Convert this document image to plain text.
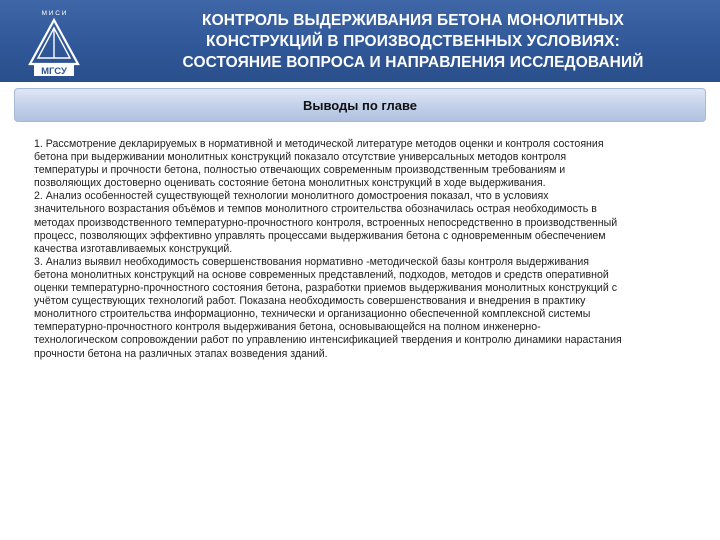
М И С И
МГСУ
КОНТРОЛЬ ВЫДЕРЖИВАНИЯ БЕТОНА МОНОЛИТНЫХ
КОНСТРУКЦИЙ В ПРОИЗВОДСТВЕННЫХ УСЛОВИЯХ:
СОСТОЯНИЕ ВОПРОСА И НАПРАВЛЕНИЯ ИССЛЕДОВАНИЙ
Выводы по главе
1. Рассмотрение декларируемых в нормативной и методической литературе методов оценки и контроля состояния
бетона при выдерживании монолитных конструкций показало отсутствие универсальных методов контроля
температуры и прочности бетона, полностью отвечающих современным производственным требованиям и
позволяющих достоверно оценивать состояние бетона монолитных конструкций в ходе выдерживания.
2. Анализ особенностей существующей технологии монолитного домостроения показал, что в условиях
значительного возрастания объёмов и темпов монолитного строительства обозначилась острая необходимость в
методах производственного температурно-прочностного контроля, встроенных непосредственно в производственный
процесс, позволяющих эффективно управлять процессами выдерживания бетона с одновременным обеспечением
качества изготавливаемых конструкций.
3. Анализ выявил необходимость совершенствования нормативно -методической базы контроля выдерживания
бетона монолитных конструкций на основе современных представлений, подходов, методов и средств оперативной
оценки температурно-прочностного состояния бетона, разработки приемов выдерживания монолитных конструкций с
учётом существующих технологий работ. Показана необходимость совершенствования и внедрения в практику
монолитного строительства информационно, технически и организационно обеспеченной комплексной системы
температурно-прочностного контроля выдерживания бетона, основывающейся на полном инженерно-
технологическом сопровождении работ по управлению интенсификацией твердения и контролю динамики нарастания
прочности бетона на различных этапах возведения зданий.
